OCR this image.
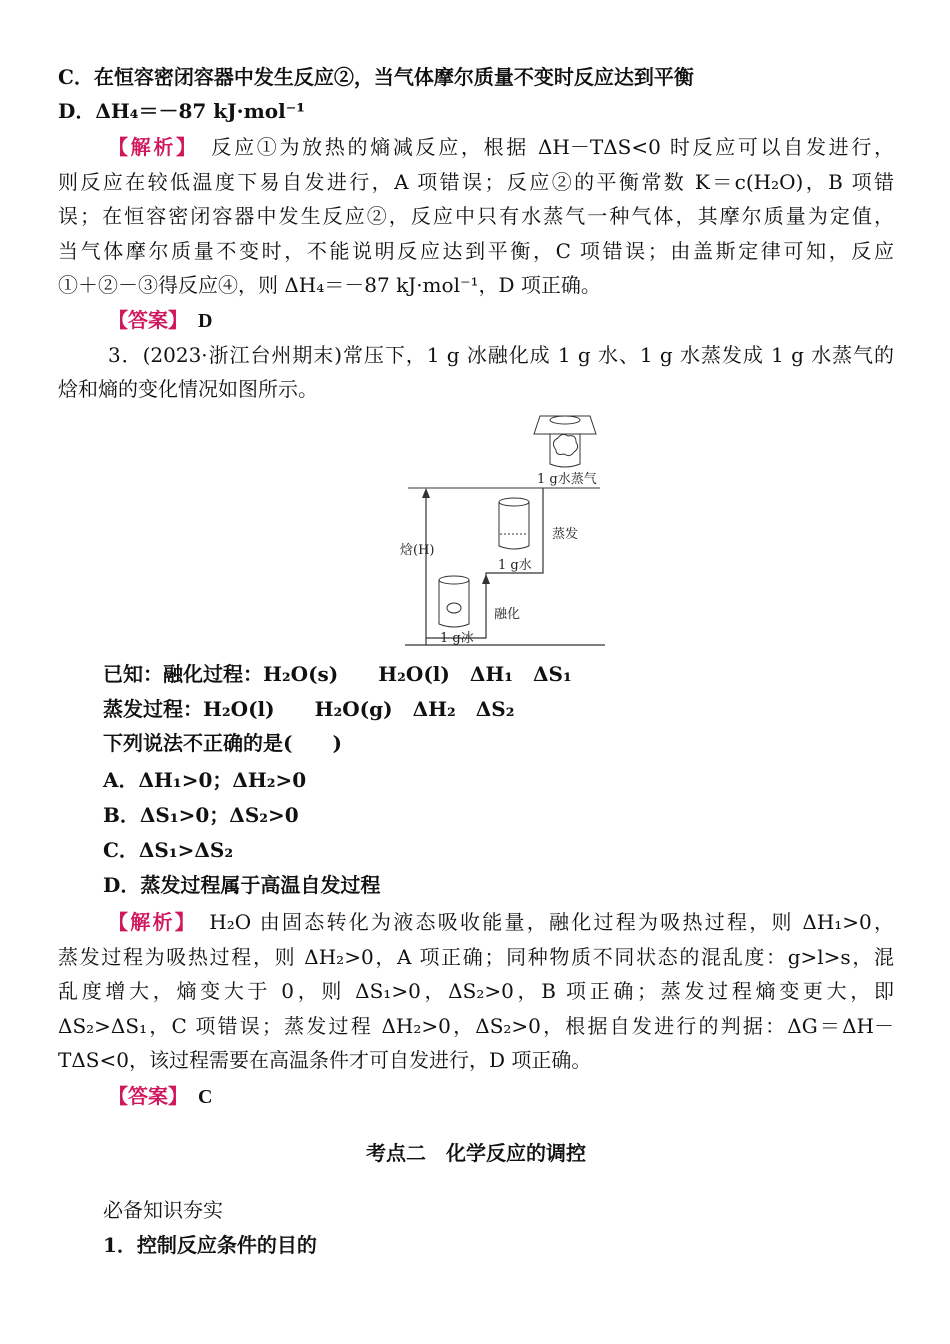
C．在恒容密闭容器中发生反应②，当气体摩尔质量不变时反应达到平衡
D．ΔH₄＝－87 kJ·mol⁻¹
【解析】　 反应①为放热的熵减反应，根据 ΔH－TΔS<0 时反应可以自发进行，
则反应在较低温度下易自发进行，A 项错误；反应②的平衡常数 K＝c(H₂O)，B 项错
误；在恒容密闭容器中发生反应②，反应中只有水蒸气一种气体，其摩尔质量为定值，
当气体摩尔质量不变时，不能说明反应达到平衡，C 项错误；由盖斯定律可知，反应
①＋②－③得反应④，则 ΔH₄＝－87 kJ·mol⁻¹，D 项正确。
【答案】　 D
3．(2023·浙江台州期末)常压下，1 g 冰融化成 1 g 水、1 g 水蒸发成 1 g 水蒸气的
焓和熵的变化情况如图所示。
焓(H)
1 g冰
融化
1 g水
蒸发
1 g水蒸气
已知：融化过程：H₂O(s)　　H₂O(l)　ΔH₁　ΔS₁
蒸发过程：H₂O(l)　　H₂O(g)　ΔH₂　ΔS₂
下列说法不正确的是(　　)
A．ΔH₁>0；ΔH₂>0
B．ΔS₁>0；ΔS₂>0
C．ΔS₁>ΔS₂
D．蒸发过程属于高温自发过程
【解析】　 H₂O 由固态转化为液态吸收能量，融化过程为吸热过程，则 ΔH₁>0，
蒸发过程为吸热过程，则 ΔH₂>0，A 项正确；同种物质不同状态的混乱度：g>l>s，混
乱度增大，熵变大于 0，则 ΔS₁>0，ΔS₂>0，B 项正确；蒸发过程熵变更大，即
ΔS₂>ΔS₁，C 项错误；蒸发过程 ΔH₂>0，ΔS₂>0，根据自发进行的判据：ΔG＝ΔH－
TΔS<0，该过程需要在高温条件才可自发进行，D 项正确。
【答案】　 C
考点二　化学反应的调控
必备知识夯实
1．控制反应条件的目的
